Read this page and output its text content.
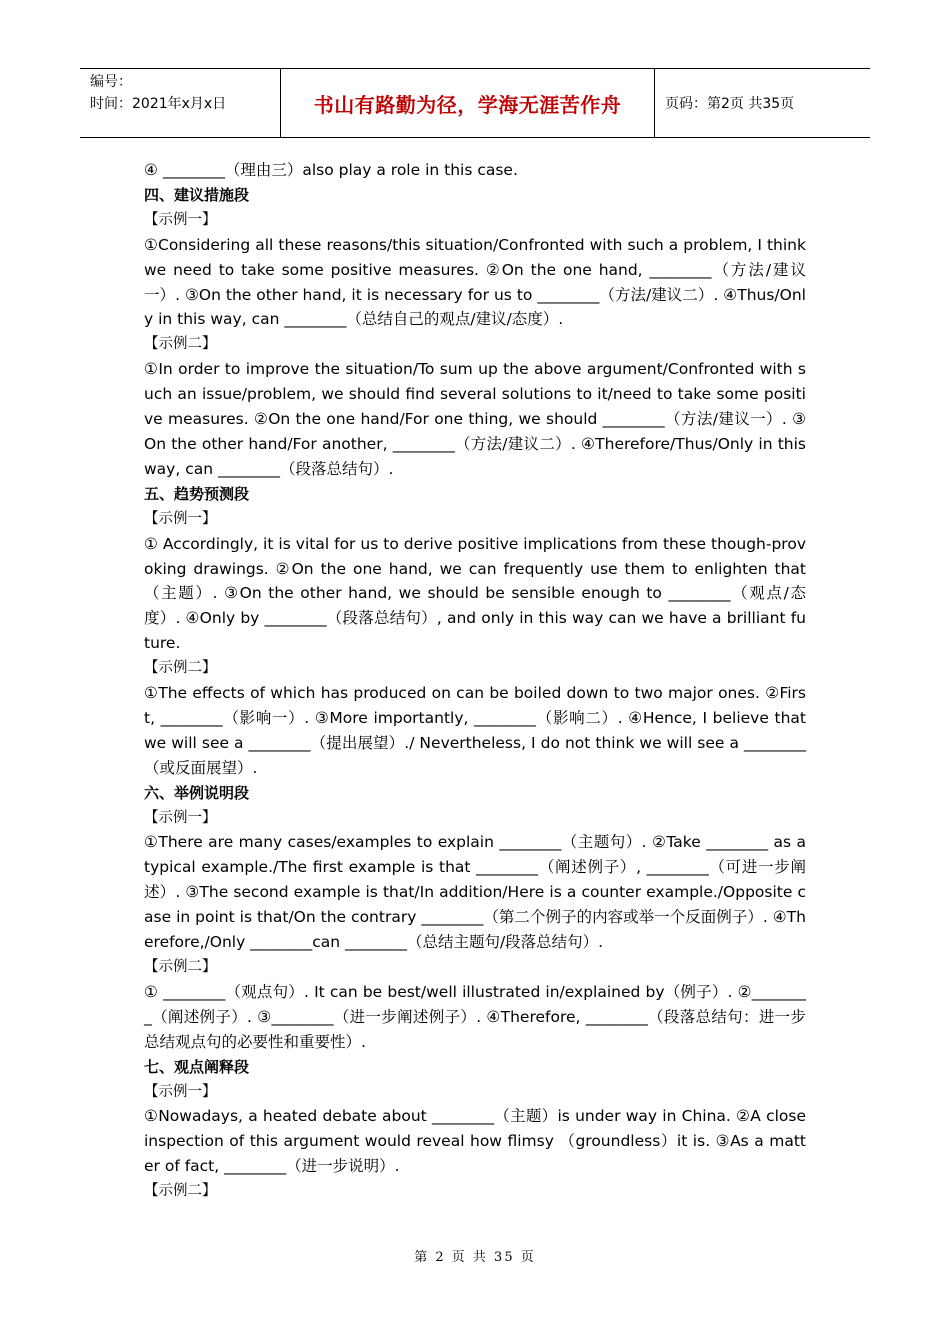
编号：
时间：2021年x月x日	书山有路勤为径，学海无涯苦作舟	页码：第2页 共35页

④ ________（理由三）also play a role in this case.

四、建议措施段

【示例一】

①Considering all these reasons/this situation/Confronted with such a problem, I think we need to take some positive measures. ②On the one hand, ________（方法/建议一）. ③On the other hand, it is necessary for us to ________（方法/建议二）. ④Thus/Only in this way, can ________（总结自己的观点/建议/态度）.

【示例二】

①In order to improve the situation/To sum up the above argument/Confronted with such an issue/problem, we should find several solutions to it/need to take some positive measures. ②On the one hand/For one thing, we should ________（方法/建议一）. ③On the other hand/For another, ________（方法/建议二）. ④Therefore/Thus/Only in this way, can ________（段落总结句）.

五、趋势预测段

【示例一】

① Accordingly, it is vital for us to derive positive implications from these though-provoking drawings. ②On the one hand, we can frequently use them to enlighten that （主题）. ③On the other hand, we should be sensible enough to ________（观点/态度）. ④Only by ________（段落总结句）, and only in this way can we have a brilliant future.

【示例二】

①The effects of which has produced on can be boiled down to two major ones. ②First, ________（影响一）. ③More importantly, ________（影响二）. ④Hence, I believe that we will see a ________（提出展望）./ Nevertheless, I do not think we will see a ________（或反面展望）.

六、举例说明段

【示例一】

①There are many cases/examples to explain ________（主题句）. ②Take ________ as a typical example./The first example is that ________（阐述例子）, ________（可进一步阐述）. ③The second example is that/In addition/Here is a counter example./Opposite case in point is that/On the contrary ________（第二个例子的内容或举一个反面例子）. ④Therefore,/Only ________can ________（总结主题句/段落总结句）.

【示例二】

① ________（观点句）. It can be best/well illustrated in/explained by（例子）. ②________（阐述例子）. ③________（进一步阐述例子）. ④Therefore, ________（段落总结句：进一步总结观点句的必要性和重要性）.

七、观点阐释段

【示例一】

①Nowadays, a heated debate about ________（主题）is under way in China. ②A close inspection of this argument would reveal how flimsy （groundless）it is. ③As a matter of fact, ________（进一步说明）.

【示例二】

第 2 页 共 35 页
